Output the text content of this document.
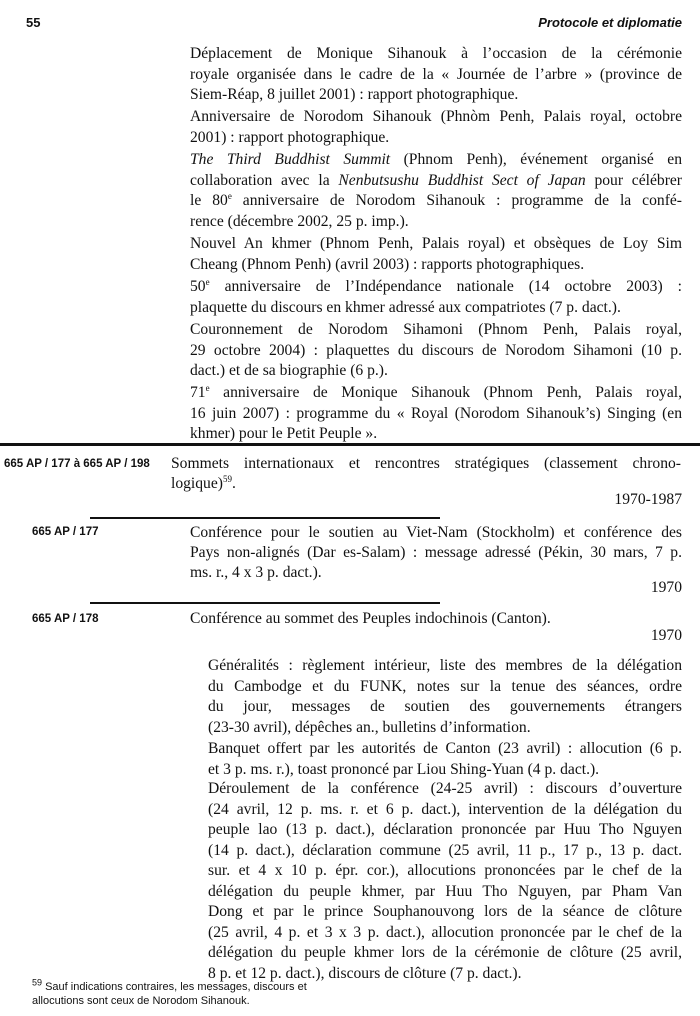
55	Protocole et diplomatie
Déplacement de Monique Sihanouk à l’occasion de la cérémonie
royale organisée dans le cadre de la « Journée de l’arbre » (province de
Siem-Réap, 8 juillet 2001) : rapport photographique.
Anniversaire de Norodom Sihanouk (Phnòm Penh, Palais royal, octobre
2001) : rapport photographique.
The Third Buddhist Summit (Phnom Penh), événement organisé en
collaboration avec la Nenbutsushu Buddhist Sect of Japan pour célébrer
le 80e anniversaire de Norodom Sihanouk : programme de la confé-
rence (décembre 2002, 25 p. imp.).
Nouvel An khmer (Phnom Penh, Palais royal) et obsèques de Loy Sim
Cheang (Phnom Penh) (avril 2003) : rapports photographiques.
50e anniversaire de l’Indépendance nationale (14 octobre 2003) :
plaquette du discours en khmer adressé aux compatriotes (7 p. dact.).
Couronnement de Norodom Sihamoni (Phnom Penh, Palais royal,
29 octobre 2004) : plaquettes du discours de Norodom Sihamoni (10 p.
dact.) et de sa biographie (6 p.).
71e anniversaire de Monique Sihanouk (Phnom Penh, Palais royal,
16 juin 2007) : programme du « Royal (Norodom Sihanouk’s) Singing (en
khmer) pour le Petit Peuple ».
665 AP / 177 à 665 AP / 198 Sommets internationaux et rencontres stratégiques (classement chrono-
logique)$^{59}$.
1970-1987
665 AP / 177	Conférence pour le soutien au Viet-Nam (Stockholm) et conférence des
Pays non-alignés (Dar es-Salam) : message adressé (Pékin, 30 mars, 7 p.
ms. r., 4 x 3 p. dact.).
1970
665 AP / 178	Conférence au sommet des Peuples indochinois (Canton).
1970
Généralités : règlement intérieur, liste des membres de la délégation
du Cambodge et du FUNK, notes sur la tenue des séances, ordre
du jour, messages de soutien des gouvernements étrangers
(23-30 avril), dépêches an., bulletins d’information.
Banquet offert par les autorités de Canton (23 avril) : allocution (6 p.
et 3 p. ms. r.), toast prononcé par Liou Shing-Yuan (4 p. dact.).
Déroulement de la conférence (24-25 avril) : discours d’ouverture
(24 avril, 12 p. ms. r. et 6 p. dact.), intervention de la délégation du
peuple lao (13 p. dact.), déclaration prononcée par Huu Tho Nguyen
(14 p. dact.), déclaration commune (25 avril, 11 p., 17 p., 13 p. dact.
sur. et 4 x 10 p. épr. cor.), allocutions prononcées par le chef de la
délégation du peuple khmer, par Huu Tho Nguyen, par Pham Van
Dong et par le prince Souphanouvong lors de la séance de clôture
(25 avril, 4 p. et 3 x 3 p. dact.), allocution prononcée par le chef de la
délégation du peuple khmer lors de la cérémonie de clôture (25 avril,
8 p. et 12 p. dact.), discours de clôture (7 p. dact.).
$^{59}$ Sauf indications contraires, les messages, discours et
allocutions sont ceux de Norodom Sihanouk.
